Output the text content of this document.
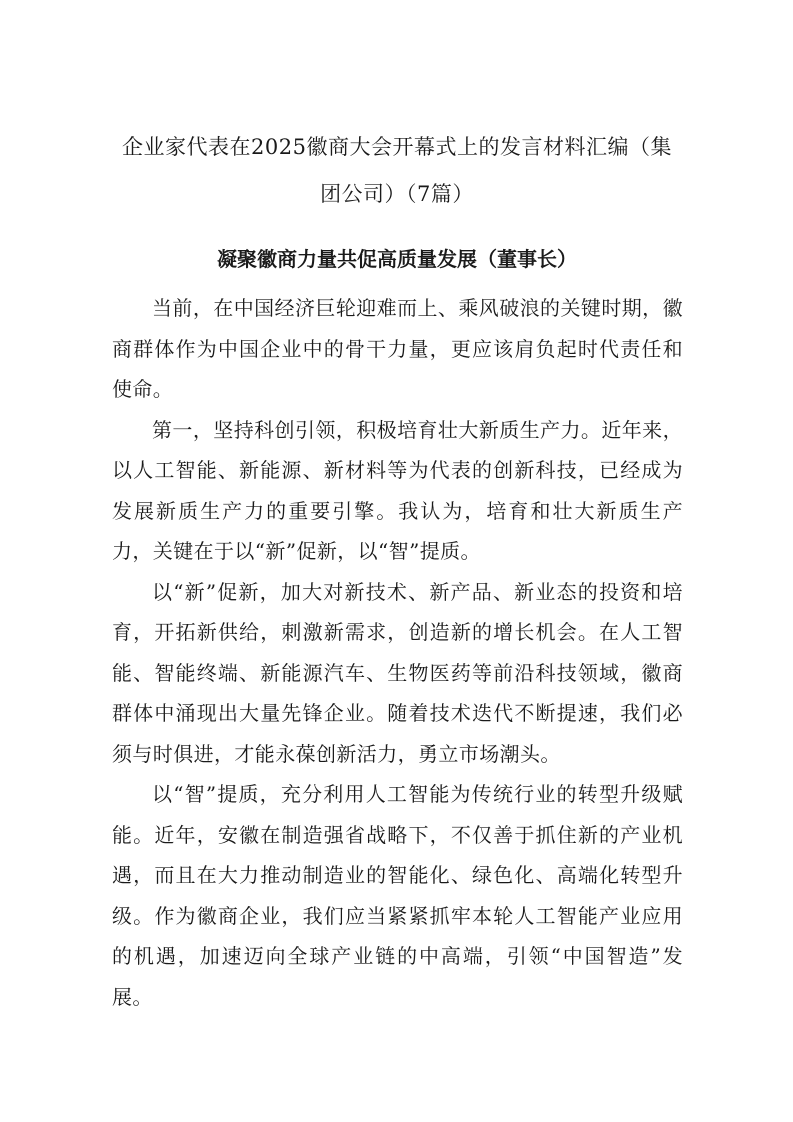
企业家代表在2025徽商大会开幕式上的发言材料汇编（集团公司）（7篇）
凝聚徽商力量共促高质量发展（董事长）

当前，在中国经济巨轮迎难而上、乘风破浪的关键时期，徽商群体作为中国企业中的骨干力量，更应该肩负起时代责任和使命。

第一，坚持科创引领，积极培育壮大新质生产力。近年来，以人工智能、新能源、新材料等为代表的创新科技，已经成为发展新质生产力的重要引擎。我认为，培育和壮大新质生产力，关键在于以“新”促新，以“智”提质。

以“新”促新，加大对新技术、新产品、新业态的投资和培育，开拓新供给，刺激新需求，创造新的增长机会。在人工智能、智能终端、新能源汽车、生物医药等前沿科技领域，徽商群体中涌现出大量先锋企业。随着技术迭代不断提速，我们必须与时俱进，才能永葆创新活力，勇立市场潮头。

以“智”提质，充分利用人工智能为传统行业的转型升级赋能。近年，安徽在制造强省战略下，不仅善于抓住新的产业机遇，而且在大力推动制造业的智能化、绿色化、高端化转型升级。作为徽商企业，我们应当紧紧抓牢本轮人工智能产业应用的机遇，加速迈向全球产业链的中高端，引领“中国智造”发展。
